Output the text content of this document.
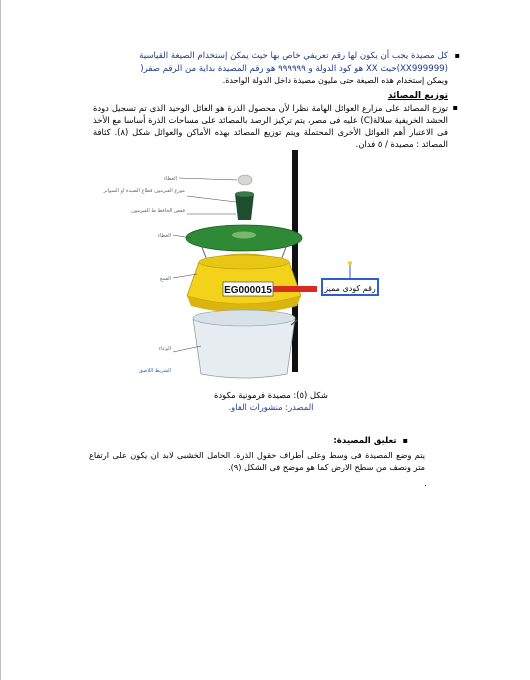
▪
كل مصيدة يجب أن يكون لها رقم تعريفي خاص بها حيث يمكن إستخدام الصيغة القياسية
(XX999999)حيث XX هو كود الدولة و ٩٩٩٩٩٩ هو رقم المصيدة بداية من الرقم صفر(
ويمكن إستخدام هذه الصيغة حتى مليون مصيدة داخل الدولة الواحدة.
توزيع المصائد
▪
توزع المصائد على مزارع العوائل الهامة نظرا لأن محصول الذرة هو العائل الوحيد الذى تم تسجيل دودة الحشد الخريفية سلالة(C) عليه فى مصر، يتم تركيز الرصد بالمصائد على مساحات الذرة أساسا مع الأخذ فى الاعتبار أهم العوائل الأخرى المحتملة ويتم توزيع المصائد بهذه الأماكن والعوائل شكل (٨). كثافة المصائد : مصيدة / ٥ فدان.
EG000015	رقم كودى مميز
الغطاء
موزع الفيرمون قطاع الصيدة او السواتر
قفص الحافظ ط الفيرمون
الغطاء
القمع
الوعاء
الشريط اللاصق
شكل (٥): مصيدة فرمونية مكودة
المصدر: منشورات الفاو.
▪تعليق المصيدة:
يتم وضع المصيدة فى وسط وعلى أطراف حقول الذرة. الحامل الخشبى لابد ان يكون على ارتفاع متر ونصف من سطح الارض كما هو موضح فى الشكل (٩).
.
